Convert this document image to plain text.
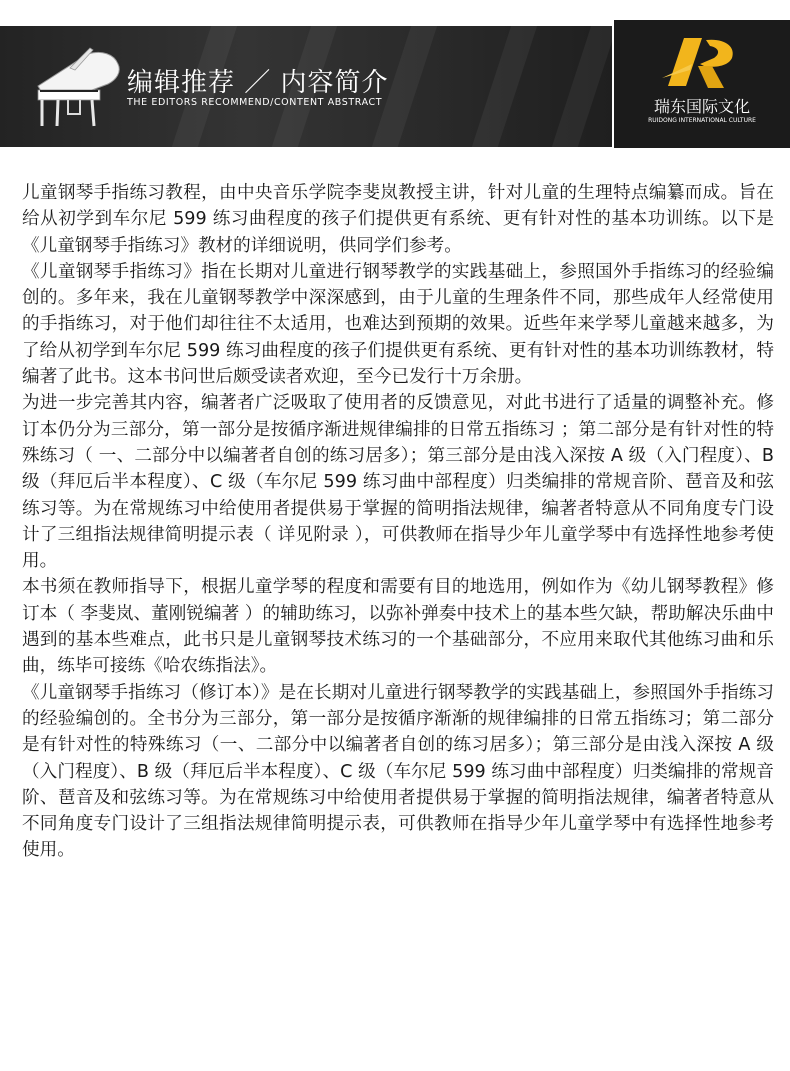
编辑推荐 ／ 内容简介
THE EDITORS RECOMMEND/CONTENT ABSTRACT	瑞东国际文化
RUIDONG INTERNATIONAL CULTURE

儿童钢琴手指练习教程，由中央音乐学院李斐岚教授主讲，针对儿童的生理特点编纂而成。旨在给从初学到车尔尼 599 练习曲程度的孩子们提供更有系统、更有针对性的基本功训练。以下是《儿童钢琴手指练习》教材的详细说明，供同学们参考。

《儿童钢琴手指练习》指在长期对儿童进行钢琴教学的实践基础上，参照国外手指练习的经验编创的。多年来，我在儿童钢琴教学中深深感到，由于儿童的生理条件不同，那些成年人经常使用的手指练习，对于他们却往往不太适用，也难达到预期的效果。近些年来学琴儿童越来越多，为了给从初学到车尔尼 599 练习曲程度的孩子们提供更有系统、更有针对性的基本功训练教材，特编著了此书。这本书问世后颇受读者欢迎，至今已发行十万余册。

为进一步完善其内容，编著者广泛吸取了使用者的反馈意见，对此书进行了适量的调整补充。修订本仍分为三部分，第一部分是按循序渐进规律编排的日常五指练习 ；第二部分是有针对性的特殊练习（ 一、二部分中以编著者自创的练习居多）；第三部分是由浅入深按 A 级（入门程度）、B 级（拜厄后半本程度）、C 级（车尔尼 599 练习曲中部程度）归类编排的常规音阶、琶音及和弦练习等。为在常规练习中给使用者提供易于掌握的简明指法规律，编著者特意从不同角度专门设计了三组指法规律简明提示表（ 详见附录 ），可供教师在指导少年儿童学琴中有选择性地参考使用。

本书须在教师指导下，根据儿童学琴的程度和需要有目的地选用，例如作为《幼儿钢琴教程》修订本（ 李斐岚、董刚锐编著 ）的辅助练习，以弥补弹奏中技术上的基本些欠缺，帮助解决乐曲中遇到的基本些难点，此书只是儿童钢琴技术练习的一个基础部分，不应用来取代其他练习曲和乐曲，练毕可接练《哈农练指法》。

《儿童钢琴手指练习（修订本）》是在长期对儿童进行钢琴教学的实践基础上，参照国外手指练习的经验编创的。全书分为三部分，第一部分是按循序渐渐的规律编排的日常五指练习；第二部分是有针对性的特殊练习（一、二部分中以编著者自创的练习居多）；第三部分是由浅入深按 A 级（入门程度）、B 级（拜厄后半本程度）、C 级（车尔尼 599 练习曲中部程度）归类编排的常规音阶、琶音及和弦练习等。为在常规练习中给使用者提供易于掌握的简明指法规律，编著者特意从不同角度专门设计了三组指法规律简明提示表，可供教师在指导少年儿童学琴中有选择性地参考使用。
